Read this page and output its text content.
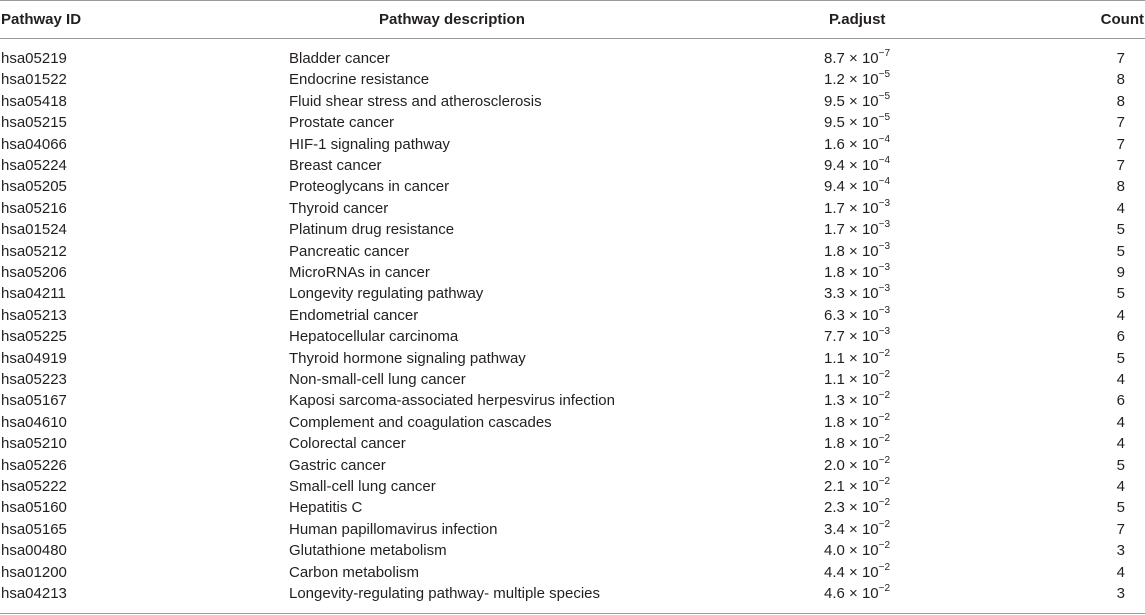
Pathway ID	Pathway description	P.adjust	Count
hsa05219	Bladder cancer	$8.7 \times 10^{-7}$	7
hsa01522	Endocrine resistance	$1.2 \times 10^{-5}$	8
hsa05418	Fluid shear stress and atherosclerosis	$9.5 \times 10^{-5}$	8
hsa05215	Prostate cancer	$9.5 \times 10^{-5}$	7
hsa04066	HIF-1 signaling pathway	$1.6 \times 10^{-4}$	7
hsa05224	Breast cancer	$9.4 \times 10^{-4}$	7
hsa05205	Proteoglycans in cancer	$9.4 \times 10^{-4}$	8
hsa05216	Thyroid cancer	$1.7 \times 10^{-3}$	4
hsa01524	Platinum drug resistance	$1.7 \times 10^{-3}$	5
hsa05212	Pancreatic cancer	$1.8 \times 10^{-3}$	5
hsa05206	MicroRNAs in cancer	$1.8 \times 10^{-3}$	9
hsa04211	Longevity regulating pathway	$3.3 \times 10^{-3}$	5
hsa05213	Endometrial cancer	$6.3 \times 10^{-3}$	4
hsa05225	Hepatocellular carcinoma	$7.7 \times 10^{-3}$	6
hsa04919	Thyroid hormone signaling pathway	$1.1 \times 10^{-2}$	5
hsa05223	Non-small-cell lung cancer	$1.1 \times 10^{-2}$	4
hsa05167	Kaposi sarcoma-associated herpesvirus infection	$1.3 \times 10^{-2}$	6
hsa04610	Complement and coagulation cascades	$1.8 \times 10^{-2}$	4
hsa05210	Colorectal cancer	$1.8 \times 10^{-2}$	4
hsa05226	Gastric cancer	$2.0 \times 10^{-2}$	5
hsa05222	Small-cell lung cancer	$2.1 \times 10^{-2}$	4
hsa05160	Hepatitis C	$2.3 \times 10^{-2}$	5
hsa05165	Human papillomavirus infection	$3.4 \times 10^{-2}$	7
hsa00480	Glutathione metabolism	$4.0 \times 10^{-2}$	3
hsa01200	Carbon metabolism	$4.4 \times 10^{-2}$	4
hsa04213	Longevity-regulating pathway- multiple species	$4.6 \times 10^{-2}$	3
